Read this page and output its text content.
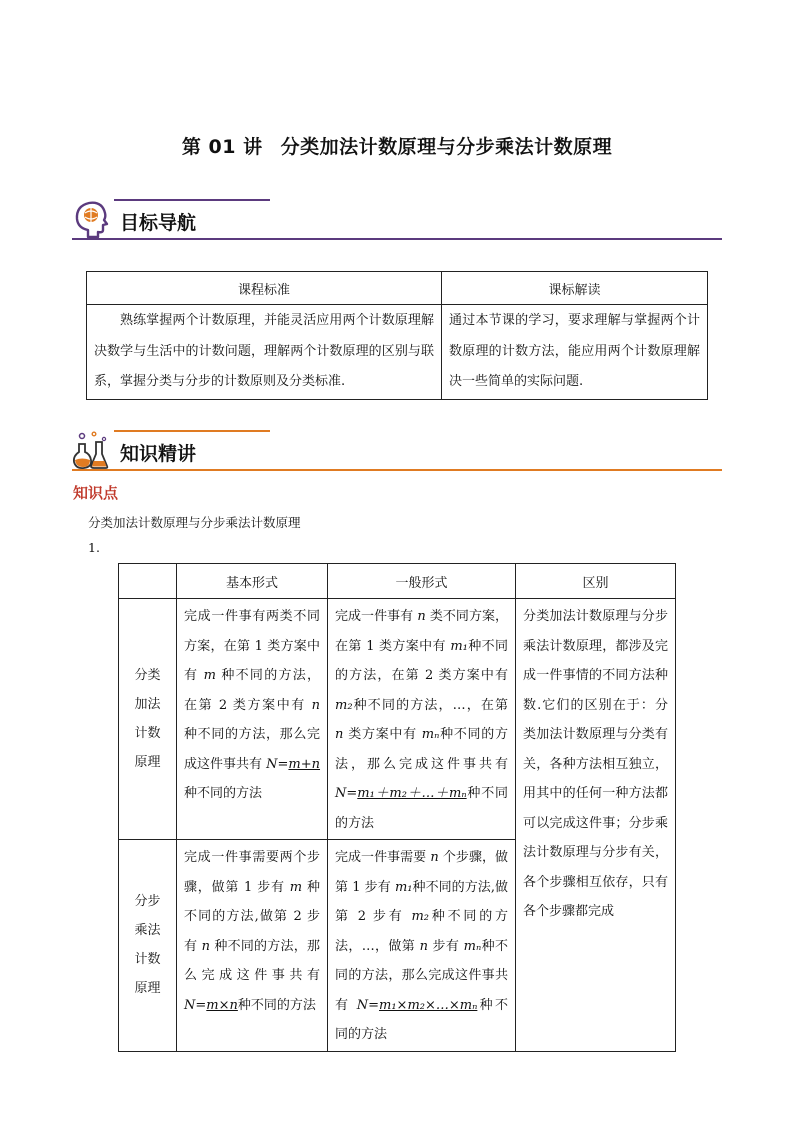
第 01 讲 分类加法计数原理与分步乘法计数原理
目标导航
课程标准	课标解读

熟练掌握两个计数原理，并能灵活应用两个计数原理解决数学与生活中的计数问题，理解两个计数原理的区别与联系，掌握分类与分步的计数原则及分类标准.	通过本节课的学习，要求理解与掌握两个计数原理的计数方法，能应用两个计数原理解决一些简单的实际问题.
知识精讲
知识点
分类加法计数原理与分步乘法计数原理
1.
	基本形式	一般形式	区别

分类加法计数原理	完成一件事有两类不同方案，在第 1 类方案中有 m 种不同的方法，在第 2 类方案中有 n 种不同的方法，那么完成这件事共有 N=m+n种不同的方法	完成一件事有 n 类不同方案，在第 1 类方案中有 m₁种不同的方法，在第 2 类方案中有 m₂种不同的方法，…，在第 n 类方案中有 mₙ种不同的方法，那么完成这件事共有 N=m₁＋m₂＋…＋mₙ种不同的方法	分类加法计数原理与分步乘法计数原理，都涉及完成一件事情的不同方法种数.它们的区别在于：分类加法计数原理与分类有关，各种方法相互独立，用其中的任何一种方法都可以完成这件事；分步乘法计数原理与分步有关，各个步骤相互依存，只有各个步骤都完成

分步乘法计数原理	完成一件事需要两个步骤，做第 1 步有 m 种不同的方法,做第 2 步有 n 种不同的方法，那么完成这件事共有 N=m×n种不同的方法	完成一件事需要 n 个步骤，做第 1 步有 m₁种不同的方法,做第 2 步有 m₂种不同的方法，…，做第 n 步有 mₙ种不同的方法，那么完成这件事共有 N=m₁×m₂×…×mₙ种不同的方法	
